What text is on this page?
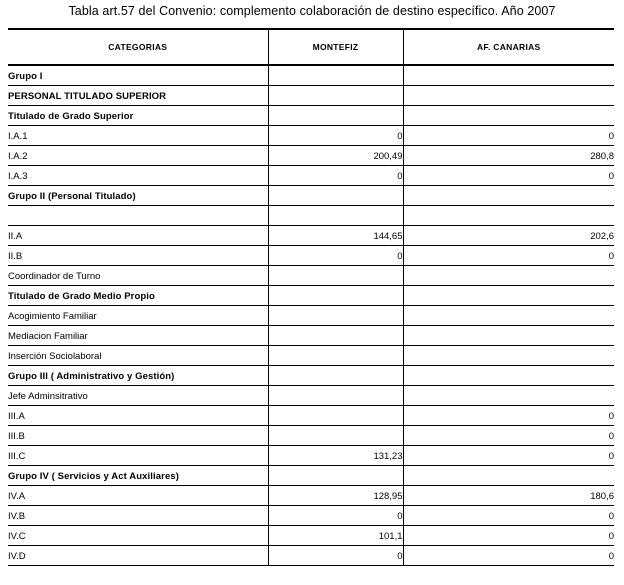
Tabla art.57 del Convenio: complemento colaboración de destino específico. Año 2007
CATEGORIAS	MONTEFIZ	AF. CANARIAS
Grupo I		
PERSONAL TITULADO SUPERIOR		
Titulado de Grado Superior		
I.A.1	0	0
I.A.2	200,49	280,8
I.A.3	0	0
Grupo II (Personal Titulado)		

II.A	144,65	202,6
II.B	0	0
Coordinador de Turno		
Titulado de Grado Medio Propio		
Acogimiento Familiar		
Mediacion Familiar		
Inserción Sociolaboral		
Grupo III ( Administrativo y Gestión)		
Jefe Adminsitrativo		
III.A		0
III.B		0
III.C	131,23	0
Grupo IV ( Servicios y Act Auxiliares)		
IV.A	128,95	180,6
IV.B	0	0
IV.C	101,1	0
IV.D	0	0
